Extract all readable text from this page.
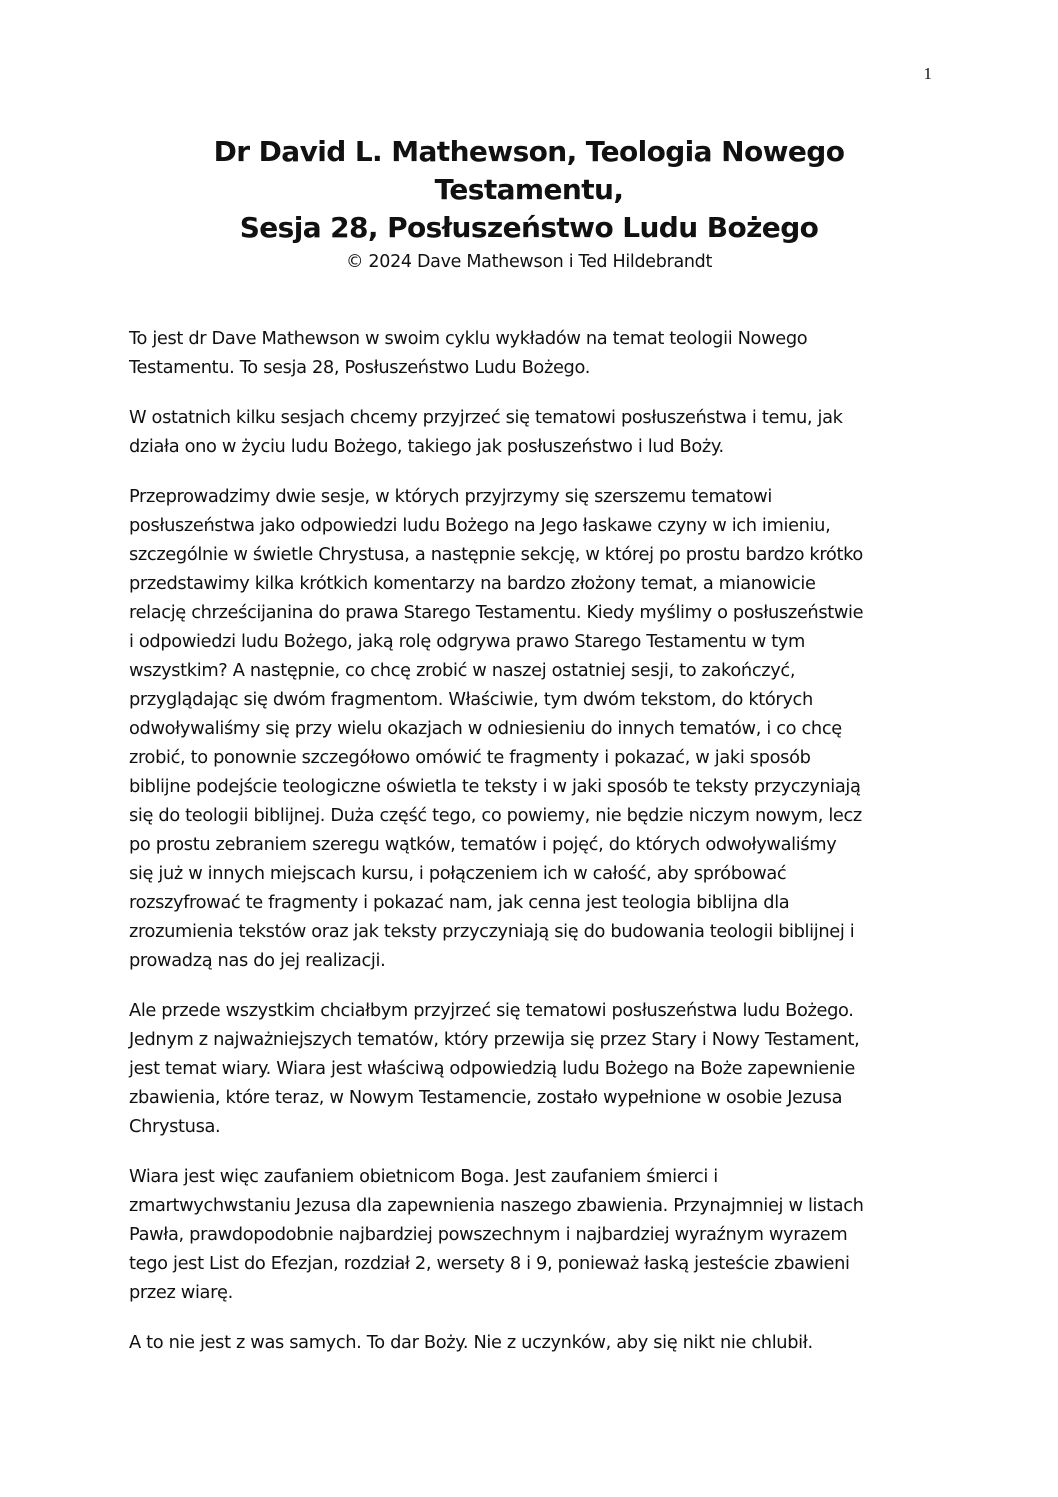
1
Dr David L. Mathewson, Teologia Nowego
Testamentu,
Sesja 28, Posłuszeństwo Ludu Bożego
© 2024 Dave Mathewson i Ted Hildebrandt
To jest dr Dave Mathewson w swoim cyklu wykładów na temat teologii Nowego
Testamentu. To sesja 28, Posłuszeństwo Ludu Bożego.
W ostatnich kilku sesjach chcemy przyjrzeć się tematowi posłuszeństwa i temu, jak
działa ono w życiu ludu Bożego, takiego jak posłuszeństwo i lud Boży.
Przeprowadzimy dwie sesje, w których przyjrzymy się szerszemu tematowi
posłuszeństwa jako odpowiedzi ludu Bożego na Jego łaskawe czyny w ich imieniu,
szczególnie w świetle Chrystusa, a następnie sekcję, w której po prostu bardzo krótko
przedstawimy kilka krótkich komentarzy na bardzo złożony temat, a mianowicie
relację chrześcijanina do prawa Starego Testamentu. Kiedy myślimy o posłuszeństwie
i odpowiedzi ludu Bożego, jaką rolę odgrywa prawo Starego Testamentu w tym
wszystkim? A następnie, co chcę zrobić w naszej ostatniej sesji, to zakończyć,
przyglądając się dwóm fragmentom. Właściwie, tym dwóm tekstom, do których
odwoływaliśmy się przy wielu okazjach w odniesieniu do innych tematów, i co chcę
zrobić, to ponownie szczegółowo omówić te fragmenty i pokazać, w jaki sposób
biblijne podejście teologiczne oświetla te teksty i w jaki sposób te teksty przyczyniają
się do teologii biblijnej. Duża część tego, co powiemy, nie będzie niczym nowym, lecz
po prostu zebraniem szeregu wątków, tematów i pojęć, do których odwoływaliśmy
się już w innych miejscach kursu, i połączeniem ich w całość, aby spróbować
rozszyfrować te fragmenty i pokazać nam, jak cenna jest teologia biblijna dla
zrozumienia tekstów oraz jak teksty przyczyniają się do budowania teologii biblijnej i
prowadzą nas do jej realizacji.
Ale przede wszystkim chciałbym przyjrzeć się tematowi posłuszeństwa ludu Bożego.
Jednym z najważniejszych tematów, który przewija się przez Stary i Nowy Testament,
jest temat wiary. Wiara jest właściwą odpowiedzią ludu Bożego na Boże zapewnienie
zbawienia, które teraz, w Nowym Testamencie, zostało wypełnione w osobie Jezusa
Chrystusa.
Wiara jest więc zaufaniem obietnicom Boga. Jest zaufaniem śmierci i
zmartwychwstaniu Jezusa dla zapewnienia naszego zbawienia. Przynajmniej w listach
Pawła, prawdopodobnie najbardziej powszechnym i najbardziej wyraźnym wyrazem
tego jest List do Efezjan, rozdział 2, wersety 8 i 9, ponieważ łaską jesteście zbawieni
przez wiarę.
A to nie jest z was samych. To dar Boży. Nie z uczynków, aby się nikt nie chlubił.
